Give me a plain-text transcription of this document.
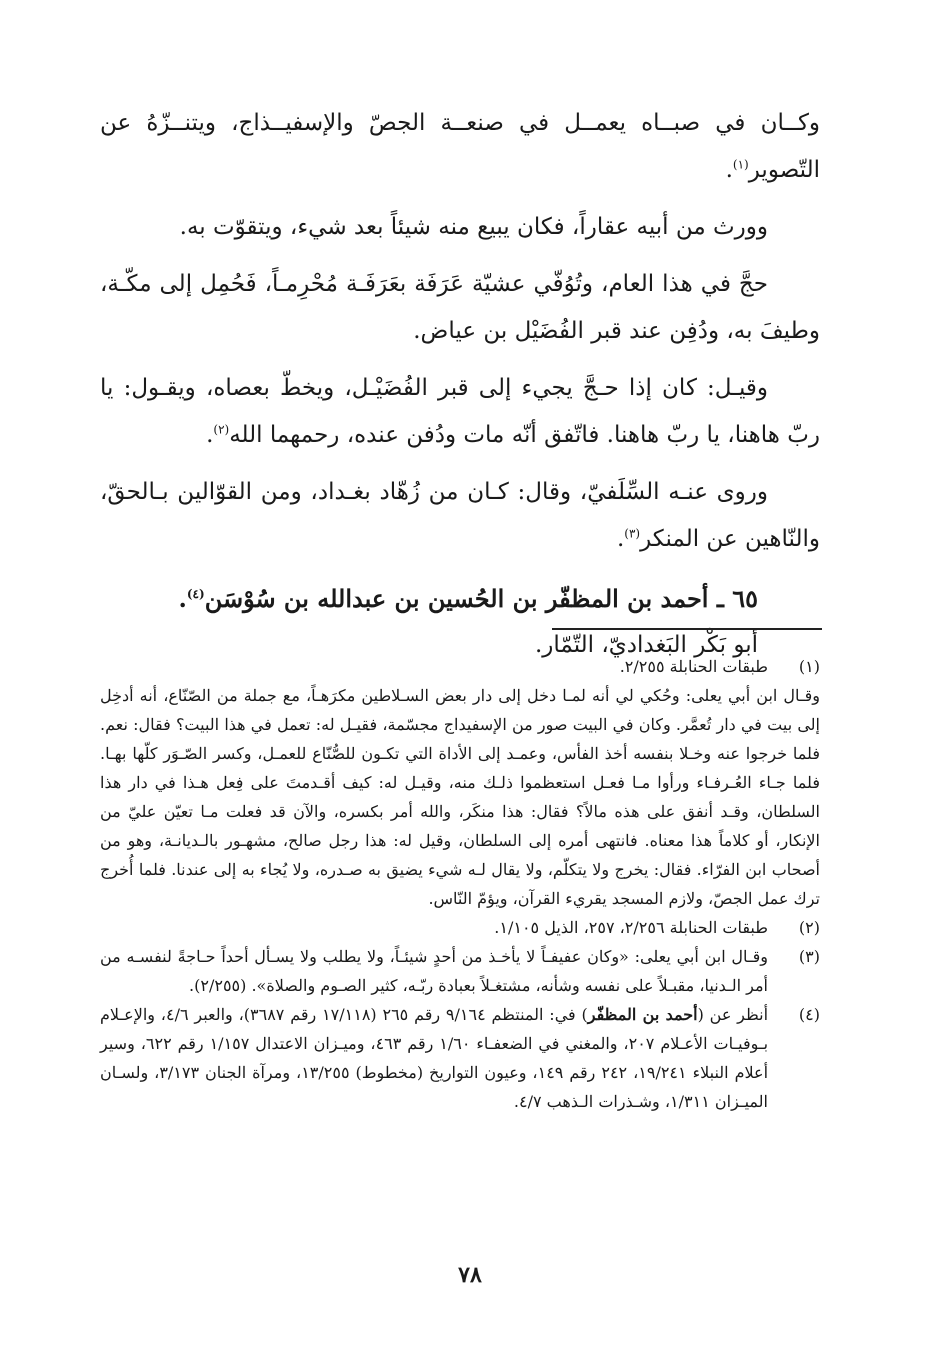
وكــان في صبــاه يعمــل في صنعــة الجصّ والإسفيــذاج، ويتنــزّهُ عن التّصوير$^{(١)}$.

وورث من أبيه عقاراً، فكان يبيع منه شيئاً بعد شيء، ويتقوّت به.

حجَّ في هذا العام، وتُوُفّي عشيّة عَرَفَة بعَرَفَـة مُحْرِمـاً، فَحُمِل إلى مكّـة، وطيفَ به، ودُفِن عند قبر الفُضَيْل بن عياض.

وقيـل: كان إذا حـجَّ يجيء إلى قبر الفُضَيْـل، ويخطّ بعصاه، ويقـول: يا ربّ هاهنا، يا ربّ هاهنا. فاتّفق أنّه مات ودُفن عنده، رحمهما الله$^{(٢)}$.

وروى عنـه السِّلَفيّ، وقال: كـان من زُهّاد بغـداد، ومن القوّالين بـالحقّ، والنّاهين عن المنكر$^{(٣)}$.

٦٥ ـ أحمد بن المظفّر بن الحُسين بن عبدالله بن سُوْسَن$^{(٤)}$.

أبو بَكْر البَغداديّ، التّمّار.

(١)
طبقات الحنابلة ٢/٢٥٥.

وقـال ابن أبي يعلى: وحُكي لي أنه لمـا دخل إلى دار بعض السـلاطين مكرَهـاً، مع جملة من الصّنّاع، أنه أدخِل إلى بيت في دار تُعمَّر. وكان في البيت صور من الإسفيداج مجسّمة، فقيـل له: تعمل في هذا البيت؟ فقال: نعم. فلما خرجوا عنه وخـلا بنفسه أخذ الفأس، وعمـد إلى الأداة التي تكـون للصُّنّاع للعمـل، وكسر الصّـوَر كلّها بهـا. فلما جـاء العُـرفـاء ورأوا مـا فعـل استعظموا ذلـك منه، وقيـل له: كيف أقـدمتَ على فِعل هـذا في دار هذا السلطان، وقـد أنفق على هذه مالاً؟ فقال: هذا منكَر، والله أمر بكسره، والآن قد فعلت مـا تعيّن عليّ من الإنكار، أو كلاماً هذا معناه. فانتهى أمره إلى السلطان، وقيل له: هذا رجل صالح، مشهـور بالـديانـة، وهو من أصحاب ابن الفرّاء. فقال: يخرج ولا يتكلّم، ولا يقال لـه شيء يضيق به صـدره، ولا يُجاء به إلى عندنا. فلما أُخرج ترك عمل الجصّ، ولازم المسجد يقريء القرآن، ويؤمّ النّاس.

(٢)
طبقات الحنابلة ٢/٢٥٦، ٢٥٧، الذيل ١/١٠٥.
(٣)
وقـال ابن أبي يعلى: «وكان عفيفـاً لا يأخـذ من أحدٍ شيئـاً، ولا يطلب ولا يسـأل أحداً حـاجةً لنفسـه من أمر الـدنيا، مقبـلاً على نفسه وشأنه، مشتغـلاً بعبادة ربّـه، كثير الصـوم والصلاة». (٢/٢٥٥).
(٤)
أنظر عن (أحمد بن المظفّر) في: المنتظم ٩/١٦٤ رقم ٢٦٥ (١٧/١١٨ رقم ٣٦٨٧)، والعبر ٤/٦، والإعـلام بـوفيـات الأعـلام ٢٠٧، والمغني في الضعفـاء ١/٦٠ رقم ٤٦٣، وميـزان الاعتدال ١/١٥٧ رقم ٦٢٢، وسير أعلام النبلاء ١٩/٢٤١، ٢٤٢ رقم ١٤٩، وعيون التواريخ (مخطوط) ١٣/٢٥٥، ومرآة الجنان ٣/١٧٣، ولسـان الميـزان ١/٣١١، وشـذرات الـذهب ٤/٧.
٧٨
